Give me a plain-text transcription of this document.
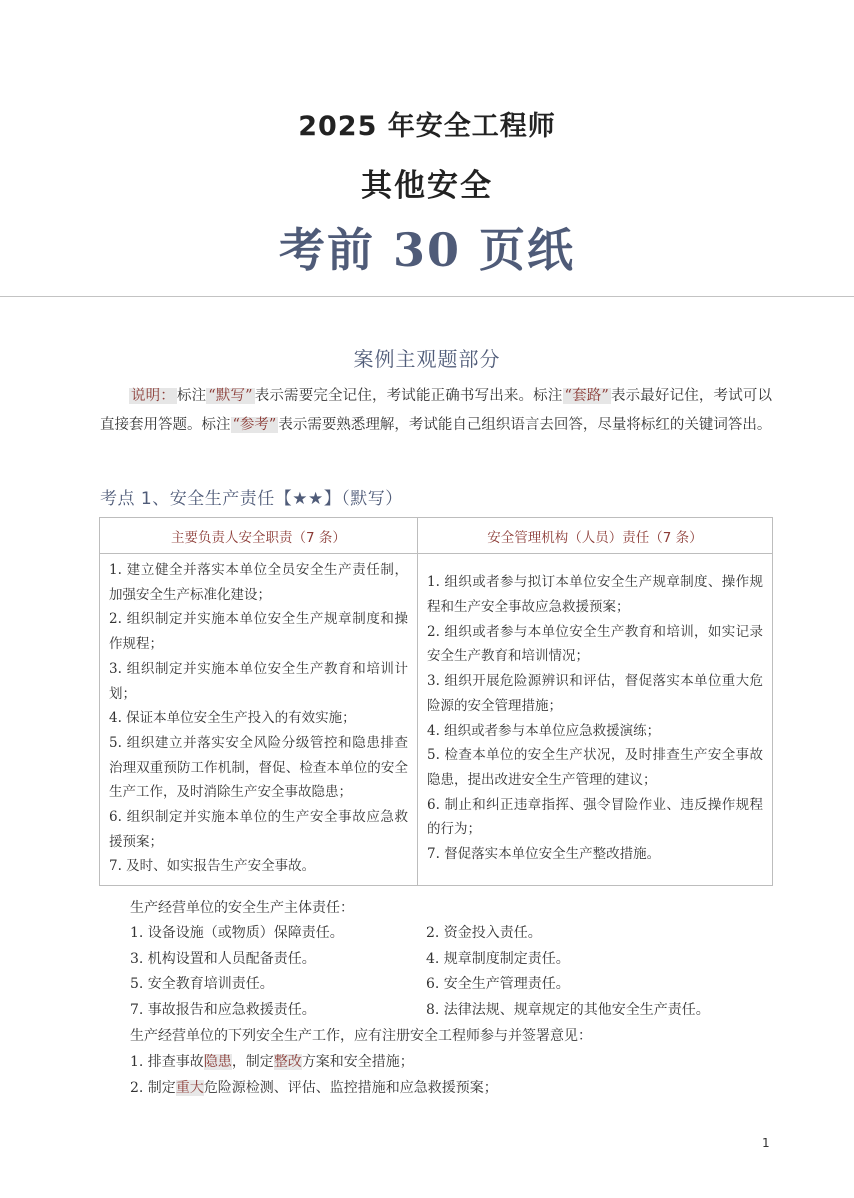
2025 年安全工程师
其他安全
考前 30 页纸
案例主观题部分
说明： 标注 “默写” 表示需要完全记住，考试能正确书写出来。标注 “套路” 表示最好记住，考试可以直接套用答题。标注 “参考” 表示需要熟悉理解，考试能自己组织语言去回答，尽量将标红的关键词答出。
考点 1、安全生产责任【★★】（默写）
主要负责人安全职责（7 条）	安全管理机构（人员）责任（7 条）

1. 建立健全并落实本单位全员安全生产责任制，加强安全生产标准化建设；
2. 组织制定并实施本单位安全生产规章制度和操作规程；
3. 组织制定并实施本单位安全生产教育和培训计划；
4. 保证本单位安全生产投入的有效实施；
5. 组织建立并落实安全风险分级管控和隐患排查治理双重预防工作机制，督促、检查本单位的安全生产工作，及时消除生产安全事故隐患；
6. 组织制定并实施本单位的生产安全事故应急救援预案；
7. 及时、如实报告生产安全事故。

1. 组织或者参与拟订本单位安全生产规章制度、操作规程和生产安全事故应急救援预案；
2. 组织或者参与本单位安全生产教育和培训，如实记录安全生产教育和培训情况；
3. 组织开展危险源辨识和评估，督促落实本单位重大危险源的安全管理措施；
4. 组织或者参与本单位应急救援演练；
5. 检查本单位的安全生产状况，及时排查生产安全事故隐患，提出改进安全生产管理的建议；
6. 制止和纠正违章指挥、强令冒险作业、违反操作规程的行为；
7. 督促落实本单位安全生产整改措施。
生产经营单位的安全生产主体责任：
1. 设备设施（或物质）保障责任。	2. 资金投入责任。
3. 机构设置和人员配备责任。	4. 规章制度制定责任。
5. 安全教育培训责任。	6. 安全生产管理责任。
7. 事故报告和应急救援责任。	8. 法律法规、规章规定的其他安全生产责任。
生产经营单位的下列安全生产工作，应有注册安全工程师参与并签署意见：
1. 排查事故隐患，制定整改方案和安全措施；
2. 制定重大危险源检测、评估、监控措施和应急救援预案；
1
